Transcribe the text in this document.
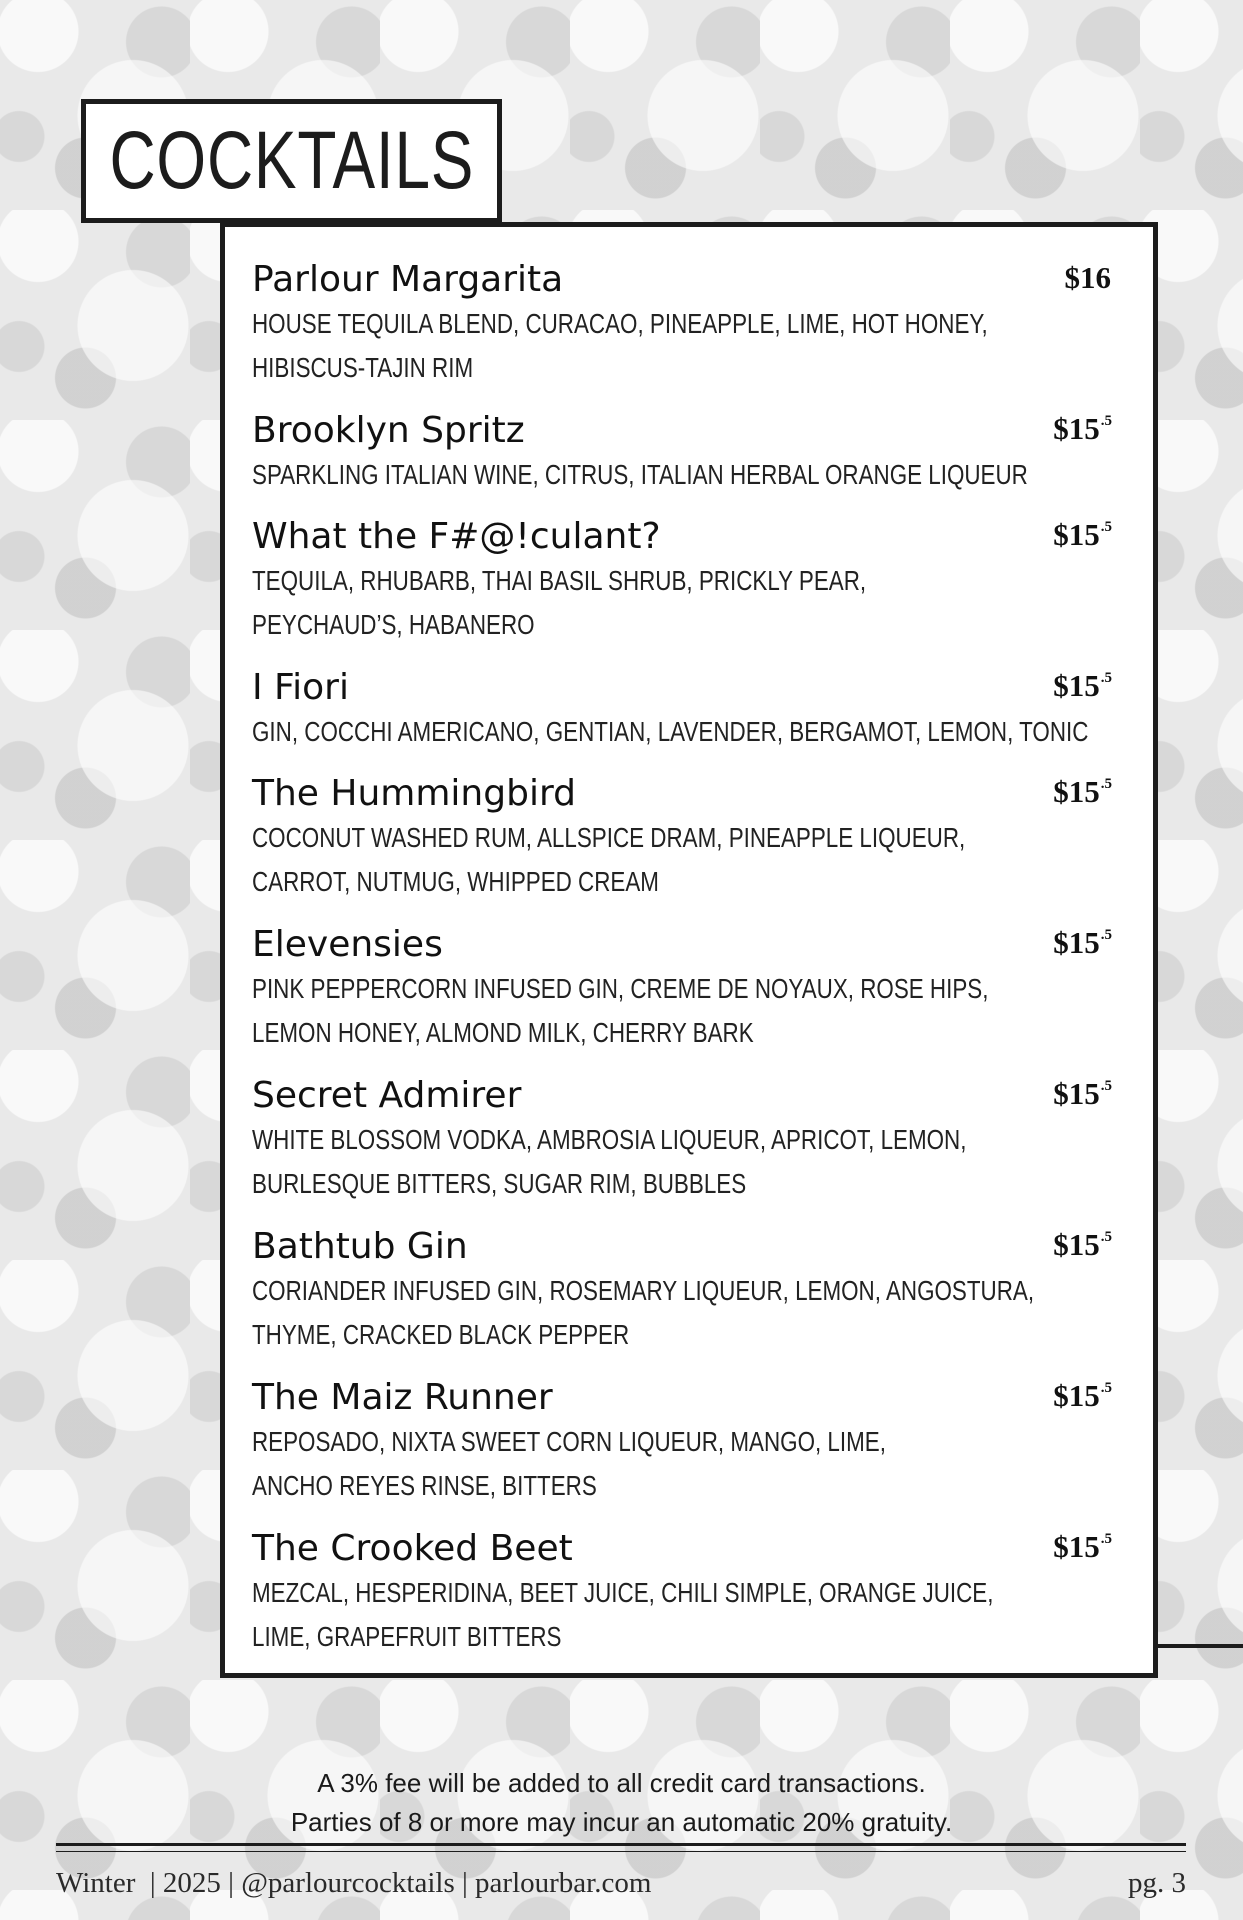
COCKTAILS
Parlour Margarita	$16
HOUSE TEQUILA BLEND, CURACAO, PINEAPPLE, LIME, HOT HONEY,
HIBISCUS-TAJIN RIM
Brooklyn Spritz	$\$15^{.5}$
SPARKLING ITALIAN WINE, CITRUS, ITALIAN HERBAL ORANGE LIQUEUR
What the F#@!culant?	$\$15^{.5}$
TEQUILA, RHUBARB, THAI BASIL SHRUB, PRICKLY PEAR,
PEYCHAUD’S, HABANERO
I Fiori	$\$15^{.5}$
GIN, COCCHI AMERICANO, GENTIAN, LAVENDER, BERGAMOT, LEMON, TONIC
The Hummingbird	$\$15^{.5}$
COCONUT WASHED RUM, ALLSPICE DRAM, PINEAPPLE LIQUEUR,
CARROT, NUTMUG, WHIPPED CREAM
Elevensies	$\$15^{.5}$
PINK PEPPERCORN INFUSED GIN, CREME DE NOYAUX, ROSE HIPS,
LEMON HONEY, ALMOND MILK, CHERRY BARK
Secret Admirer	$\$15^{.5}$
WHITE BLOSSOM VODKA, AMBROSIA LIQUEUR, APRICOT, LEMON,
BURLESQUE BITTERS, SUGAR RIM, BUBBLES
Bathtub Gin	$\$15^{.5}$
CORIANDER INFUSED GIN, ROSEMARY LIQUEUR, LEMON, ANGOSTURA,
THYME, CRACKED BLACK PEPPER
The Maiz Runner	$\$15^{.5}$
REPOSADO, NIXTA SWEET CORN LIQUEUR, MANGO, LIME,
ANCHO REYES RINSE, BITTERS
The Crooked Beet	$\$15^{.5}$
MEZCAL, HESPERIDINA, BEET JUICE, CHILI SIMPLE, ORANGE JUICE,
LIME, GRAPEFRUIT BITTERS
A 3% fee will be added to all credit card transactions.
Parties of 8 or more may incur an automatic 20% gratuity.
Winter  | 2025 | @parlourcocktails | parlourbar.com	pg. 3
